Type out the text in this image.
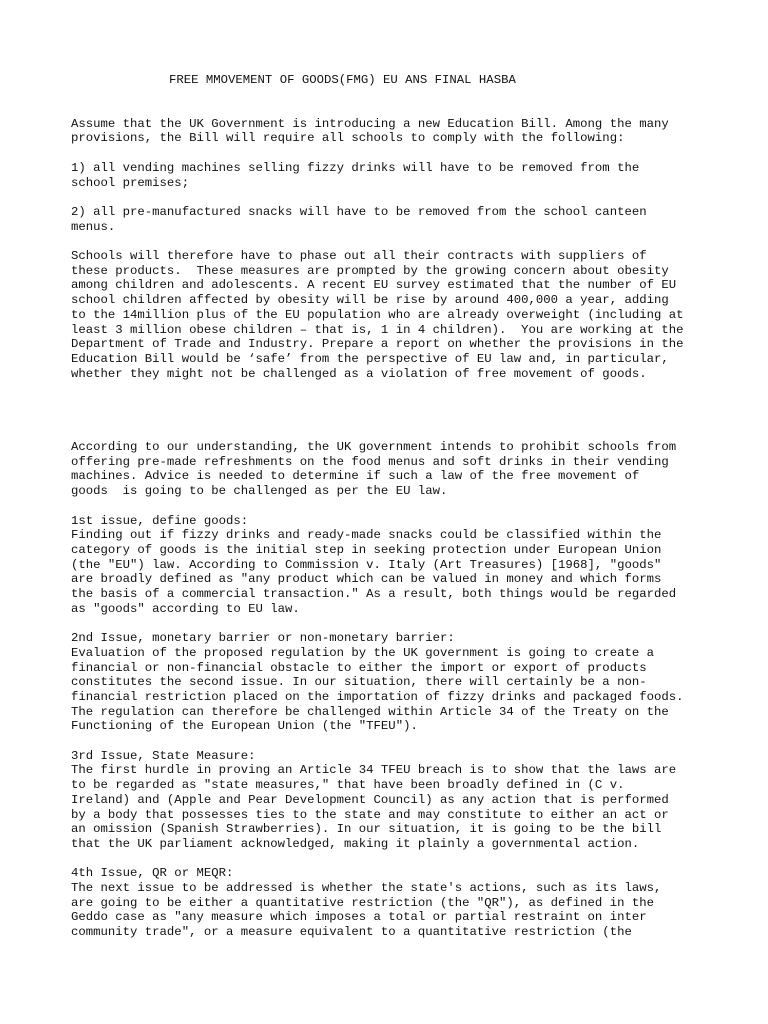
FREE MMOVEMENT OF GOODS(FMG) EU ANS FINAL HASBA
Assume that the UK Government is introducing a new Education Bill. Among the many
provisions, the Bill will require all schools to comply with the following:
1) all vending machines selling fizzy drinks will have to be removed from the
school premises;
2) all pre-manufactured snacks will have to be removed from the school canteen
menus.
Schools will therefore have to phase out all their contracts with suppliers of
these products.  These measures are prompted by the growing concern about obesity
among children and adolescents. A recent EU survey estimated that the number of EU
school children affected by obesity will be rise by around 400,000 a year, adding
to the 14million plus of the EU population who are already overweight (including at
least 3 million obese children – that is, 1 in 4 children).  You are working at the
Department of Trade and Industry. Prepare a report on whether the provisions in the
Education Bill would be ‘safe’ from the perspective of EU law and, in particular,
whether they might not be challenged as a violation of free movement of goods.
According to our understanding, the UK government intends to prohibit schools from
offering pre-made refreshments on the food menus and soft drinks in their vending
machines. Advice is needed to determine if such a law of the free movement of
goods  is going to be challenged as per the EU law.
1st issue, define goods:
Finding out if fizzy drinks and ready-made snacks could be classified within the
category of goods is the initial step in seeking protection under European Union
(the "EU") law. According to Commission v. Italy (Art Treasures) [1968], "goods"
are broadly defined as "any product which can be valued in money and which forms
the basis of a commercial transaction." As a result, both things would be regarded
as "goods" according to EU law.
2nd Issue, monetary barrier or non-monetary barrier:
Evaluation of the proposed regulation by the UK government is going to create a
financial or non-financial obstacle to either the import or export of products
constitutes the second issue. In our situation, there will certainly be a non-
financial restriction placed on the importation of fizzy drinks and packaged foods.
The regulation can therefore be challenged within Article 34 of the Treaty on the
Functioning of the European Union (the "TFEU").
3rd Issue, State Measure:
The first hurdle in proving an Article 34 TFEU breach is to show that the laws are
to be regarded as "state measures," that have been broadly defined in (C v.
Ireland) and (Apple and Pear Development Council) as any action that is performed
by a body that possesses ties to the state and may constitute to either an act or
an omission (Spanish Strawberries). In our situation, it is going to be the bill
that the UK parliament acknowledged, making it plainly a governmental action.
4th Issue, QR or MEQR:
The next issue to be addressed is whether the state's actions, such as its laws,
are going to be either a quantitative restriction (the "QR"), as defined in the
Geddo case as "any measure which imposes a total or partial restraint on inter
community trade", or a measure equivalent to a quantitative restriction (the
